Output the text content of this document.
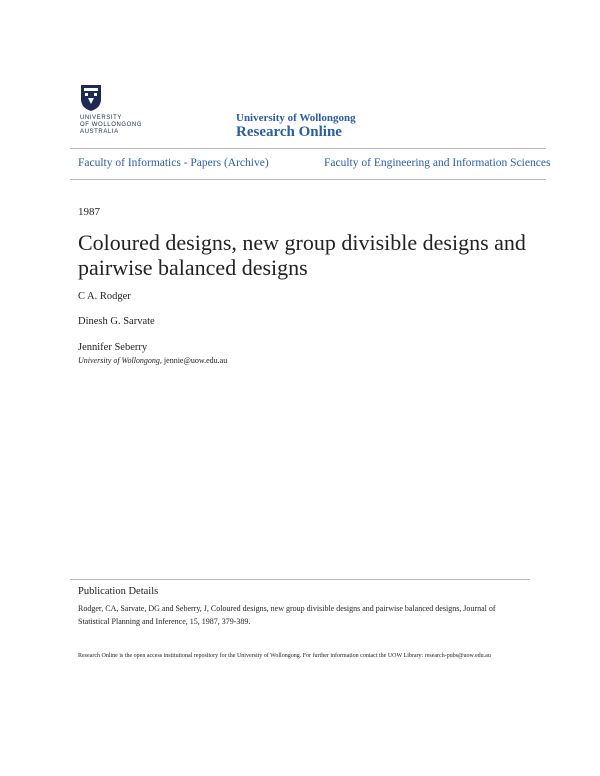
UNIVERSITY
OF WOLLONGONG
AUSTRALIA
University of Wollongong
Research Online
Faculty of Informatics - Papers (Archive)	Faculty of Engineering and Information Sciences
1987
Coloured designs, new group divisible designs and pairwise balanced designs
C A. Rodger
Dinesh G. Sarvate
Jennifer Seberry
University of Wollongong, jennie@uow.edu.au
Publication Details
Rodger, CA, Sarvate, DG and Seberry, J, Coloured designs, new group divisible designs and pairwise balanced designs, Journal of Statistical Planning and Inference, 15, 1987, 379-389.
Research Online is the open access institutional repository for the University of Wollongong. For further information contact the UOW Library: research-pubs@uow.edu.au
